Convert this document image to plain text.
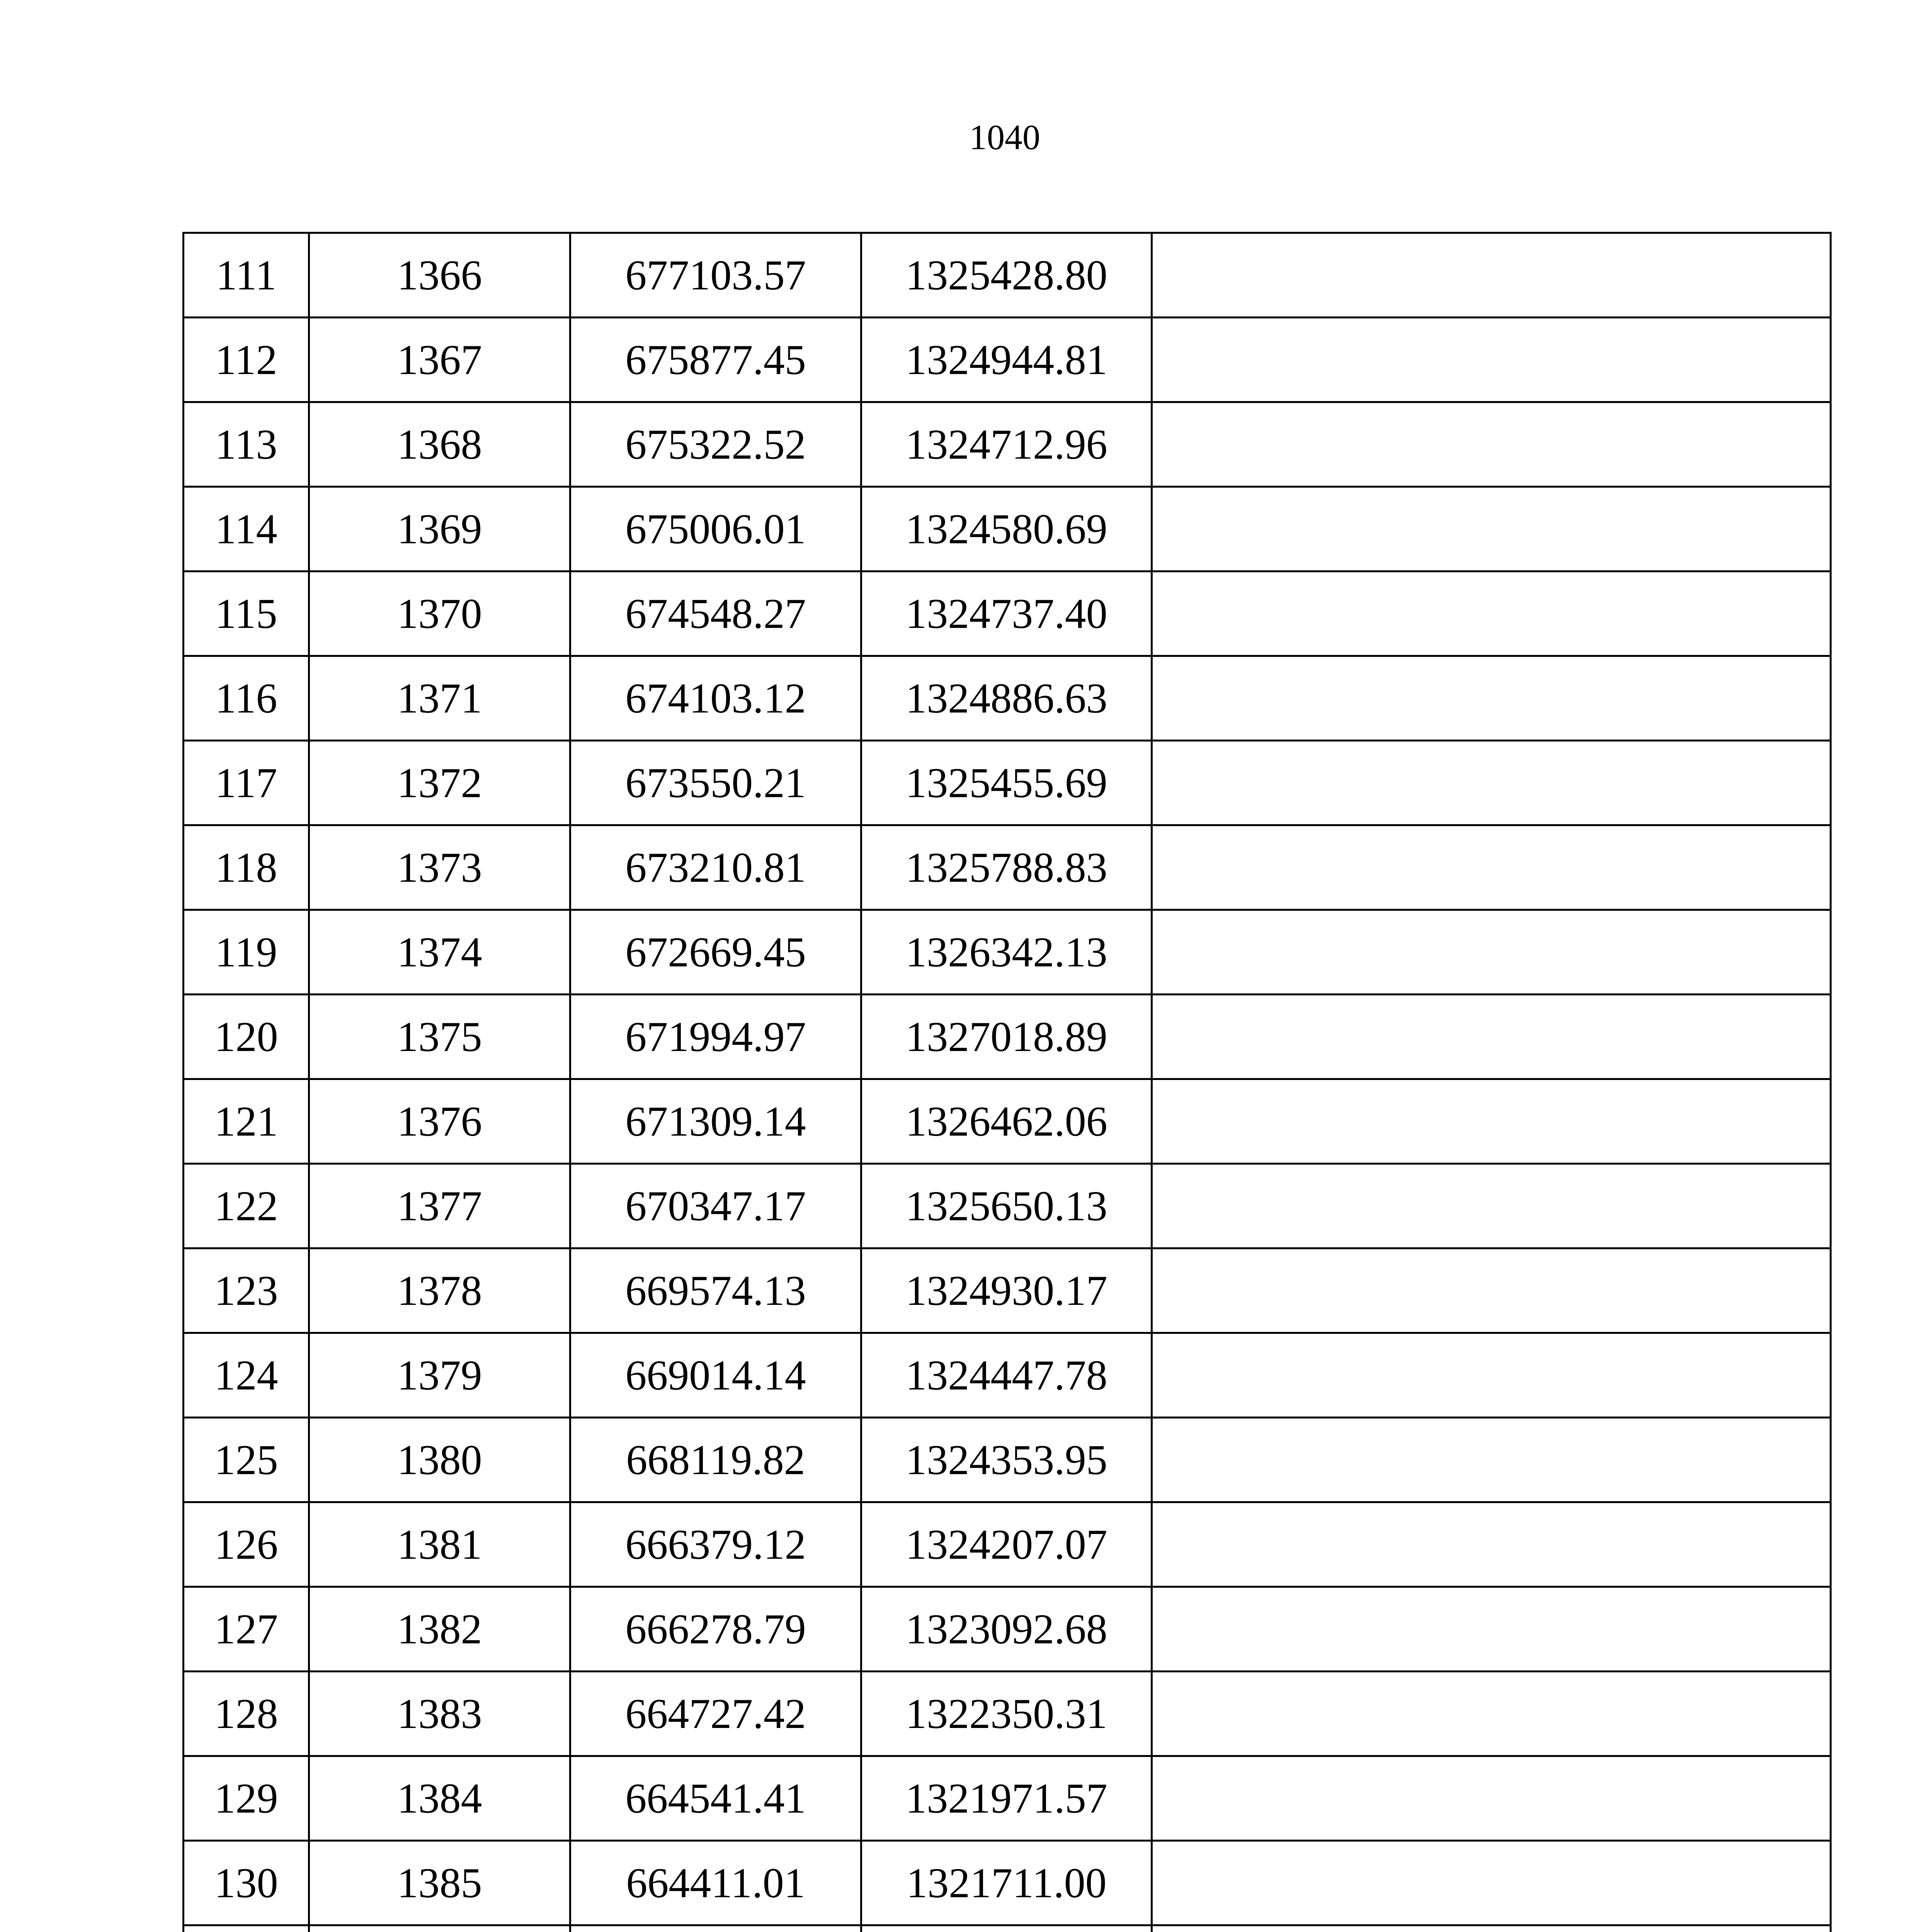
1040
111	1366	677103.57	1325428.80	
112	1367	675877.45	1324944.81	
113	1368	675322.52	1324712.96	
114	1369	675006.01	1324580.69	
115	1370	674548.27	1324737.40	
116	1371	674103.12	1324886.63	
117	1372	673550.21	1325455.69	
118	1373	673210.81	1325788.83	
119	1374	672669.45	1326342.13	
120	1375	671994.97	1327018.89	
121	1376	671309.14	1326462.06	
122	1377	670347.17	1325650.13	
123	1378	669574.13	1324930.17	
124	1379	669014.14	1324447.78	
125	1380	668119.82	1324353.95	
126	1381	666379.12	1324207.07	
127	1382	666278.79	1323092.68	
128	1383	664727.42	1322350.31	
129	1384	664541.41	1321971.57	
130	1385	664411.01	1321711.00	
